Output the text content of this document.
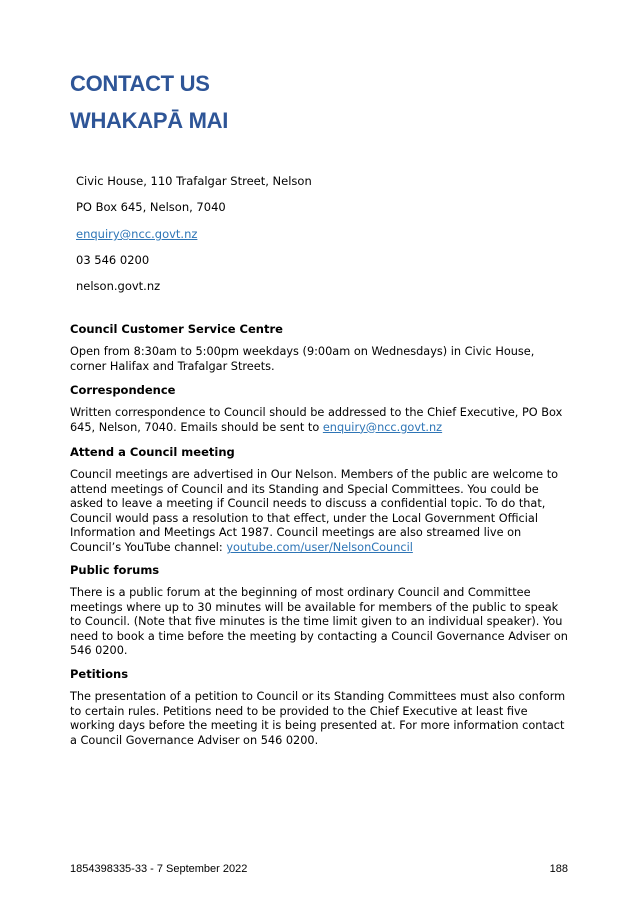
CONTACT US
WHAKAPĀ MAI

Civic House, 110 Trafalgar Street, Nelson

PO Box 645, Nelson, 7040

enquiry@ncc.govt.nz

03 546 0200

nelson.govt.nz

Council Customer Service Centre

Open from 8:30am to 5:00pm weekdays (9:00am on Wednesdays) in Civic House, corner Halifax and Trafalgar Streets.

Correspondence

Written correspondence to Council should be addressed to the Chief Executive, PO Box 645, Nelson, 7040. Emails should be sent to enquiry@ncc.govt.nz

Attend a Council meeting

Council meetings are advertised in Our Nelson. Members of the public are welcome to attend meetings of Council and its Standing and Special Committees. You could be asked to leave a meeting if Council needs to discuss a confidential topic. To do that, Council would pass a resolution to that effect, under the Local Government Official Information and Meetings Act 1987. Council meetings are also streamed live on Council’s YouTube channel: youtube.com/user/NelsonCouncil

Public forums

There is a public forum at the beginning of most ordinary Council and Committee meetings where up to 30 minutes will be available for members of the public to speak to Council. (Note that five minutes is the time limit given to an individual speaker). You need to book a time before the meeting by contacting a Council Governance Adviser on 546 0200.

Petitions

The presentation of a petition to Council or its Standing Committees must also conform to certain rules. Petitions need to be provided to the Chief Executive at least five working days before the meeting it is being presented at. For more information contact a Council Governance Adviser on 546 0200.

1854398335-33 - 7 September 2022	188
